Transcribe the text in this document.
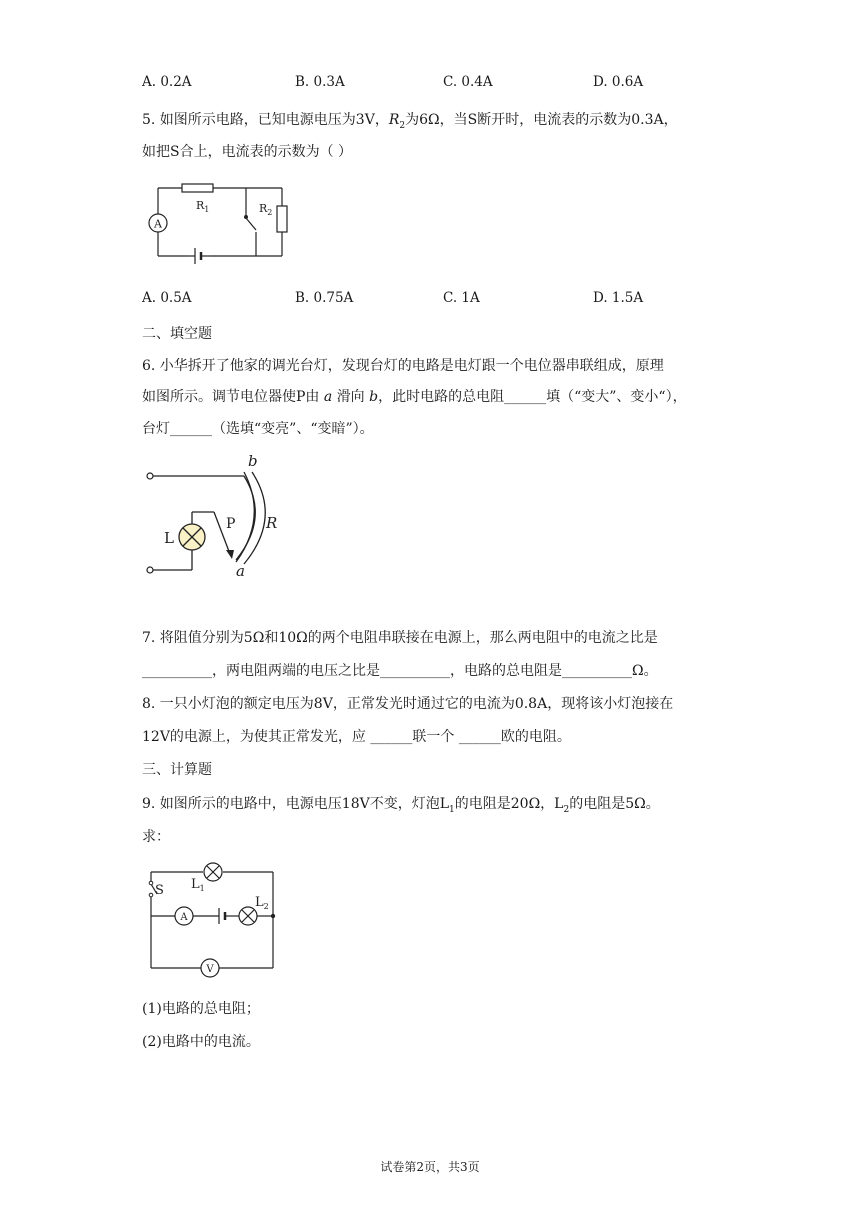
A. 0.2A	B. 0.3A	C. 0.4A	D. 0.6A
5. 如图所示电路，已知电源电压为3V，$R_2$为6Ω，当S断开时，电流表的示数为0.3A，
如把S合上，电流表的示数为（ ）
A
$R_1$	$R_2$
A. 0.5A	B. 0.75A	C. 1A	D. 1.5A
二、填空题
6. 小华拆开了他家的调光台灯，发现台灯的电路是电灯跟一个电位器串联组成，原理
如图所示。调节电位器使P由 a 滑向 b，此时电路的总电阻______填（“变大”、变小“），
台灯______（选填“变亮”、“变暗”）。
b
a
R
P
L
7. 将阻值分别为5Ω和10Ω的两个电阻串联接在电源上，那么两电阻中的电流之比是
__________，两电阻两端的电压之比是__________，电路的总电阻是__________Ω。
8. 一只小灯泡的额定电压为8V，正常发光时通过它的电流为0.8A，现将该小灯泡接在
12V的电源上，为使其正常发光，应 ______联一个 ______欧的电阻。
三、计算题
9. 如图所示的电路中，电源电压18V不变，灯泡$L_1$的电阻是20Ω，$L_2$的电阻是5Ω。
求：
A
V
S $L_1$
$L_2$
(1)电路的总电阻；
(2)电路中的电流。
试卷第2页，共3页
